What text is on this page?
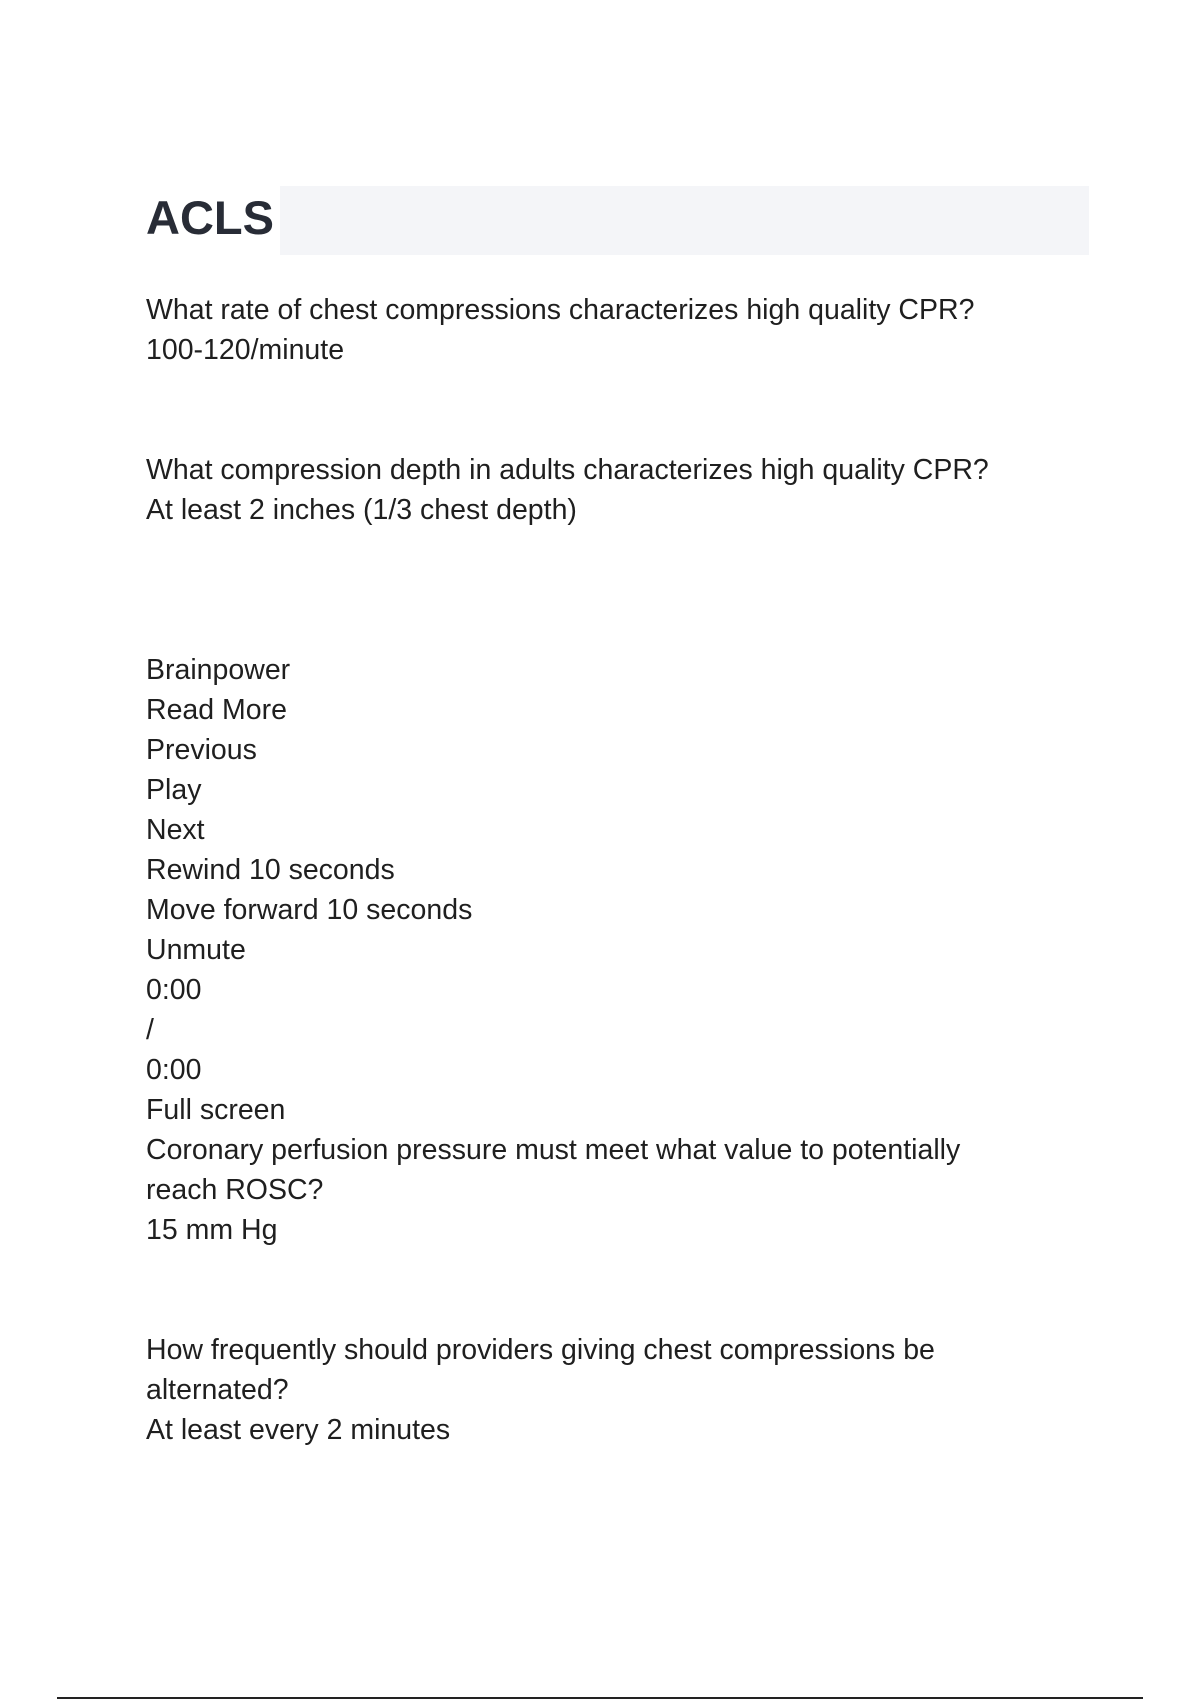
ACLS
What rate of chest compressions characterizes high quality CPR?
100-120/minute
What compression depth in adults characterizes high quality CPR?
At least 2 inches (1/3 chest depth)
Brainpower
Read More
Previous
Play
Next
Rewind 10 seconds
Move forward 10 seconds
Unmute
0:00
/
0:00
Full screen
Coronary perfusion pressure must meet what value to potentially
reach ROSC?
15 mm Hg
How frequently should providers giving chest compressions be
alternated?
At least every 2 minutes
